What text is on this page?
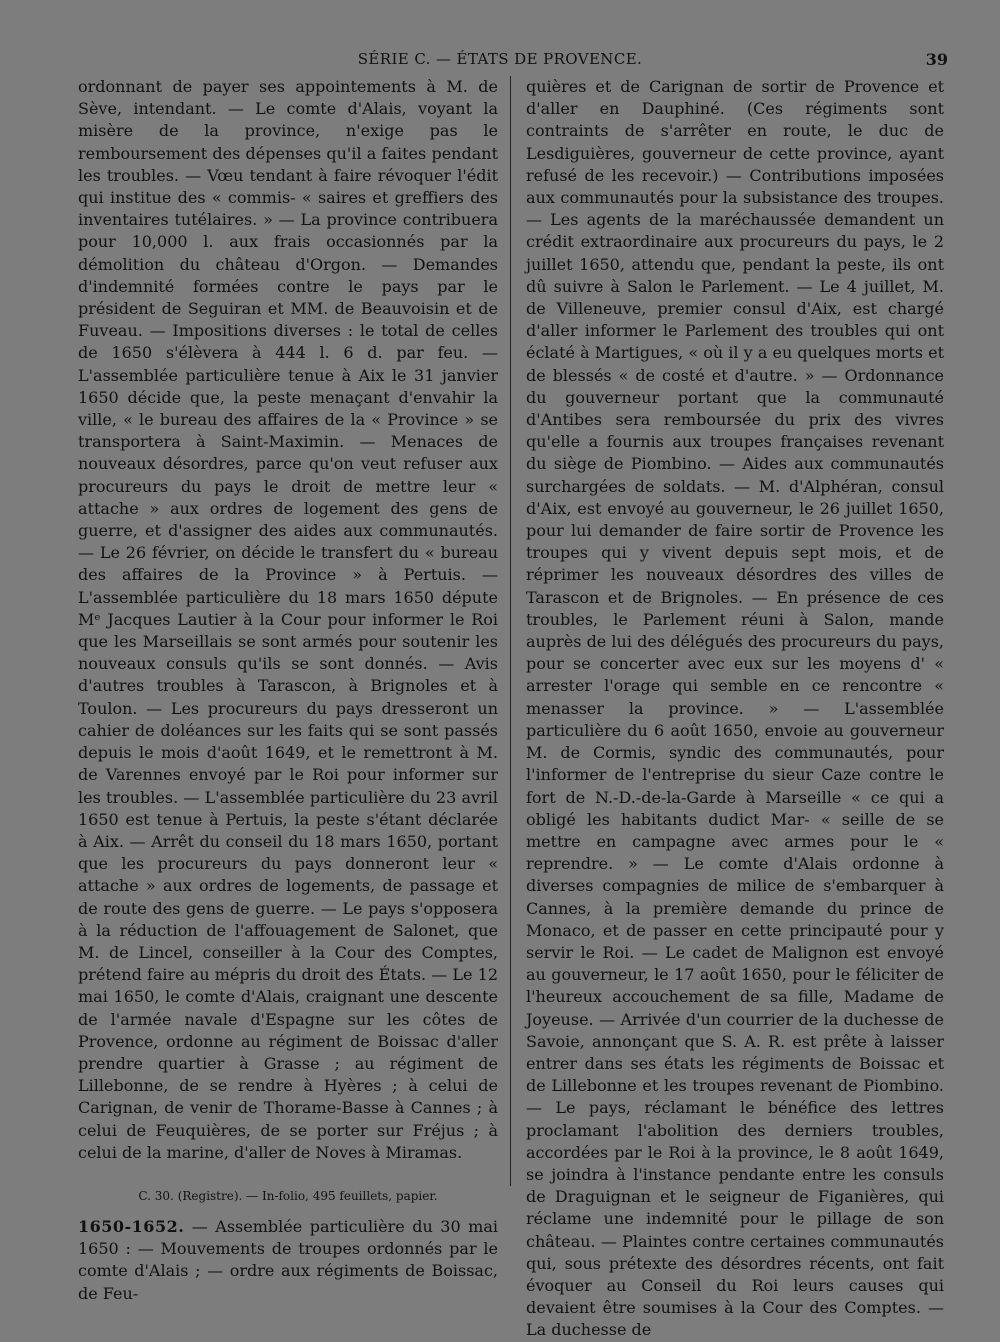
SÉRIE C. — ÉTATS DE PROVENCE.	39

ordonnant de payer ses appointements à M. de Sève, intendant. — Le comte d'Alais, voyant la misère de la province, n'exige pas le remboursement des dépenses qu'il a faites pendant les troubles. — Vœu tendant à faire révoquer l'édit qui institue des « commis- « saires et greffiers des inventaires tutélaires. » — La province contribuera pour 10,000 l. aux frais occasionnés par la démolition du château d'Orgon. — Demandes d'indemnité formées contre le pays par le président de Seguiran et MM. de Beauvoisin et de Fuveau. — Impositions diverses : le total de celles de 1650 s'élèvera à 444 l. 6 d. par feu. — L'assemblée particulière tenue à Aix le 31 janvier 1650 décide que, la peste menaçant d'envahir la ville, « le bureau des affaires de la « Province » se transportera à Saint-Maximin. — Menaces de nouveaux désordres, parce qu'on veut refuser aux procureurs du pays le droit de mettre leur « attache » aux ordres de logement des gens de guerre, et d'assigner des aides aux communautés. — Le 26 février, on décide le transfert du « bureau des affaires de la Province » à Pertuis. — L'assemblée particulière du 18 mars 1650 députe Mᵉ Jacques Lautier à la Cour pour informer le Roi que les Marseillais se sont armés pour soutenir les nouveaux consuls qu'ils se sont donnés. — Avis d'autres troubles à Tarascon, à Brignoles et à Toulon. — Les procureurs du pays dresseront un cahier de doléances sur les faits qui se sont passés depuis le mois d'août 1649, et le remettront à M. de Varennes envoyé par le Roi pour informer sur les troubles. — L'assemblée particulière du 23 avril 1650 est tenue à Pertuis, la peste s'étant déclarée à Aix. — Arrêt du conseil du 18 mars 1650, portant que les procureurs du pays donneront leur « attache » aux ordres de logements, de passage et de route des gens de guerre. — Le pays s'opposera à la réduction de l'affouagement de Salonet, que M. de Lincel, conseiller à la Cour des Comptes, prétend faire au mépris du droit des États. — Le 12 mai 1650, le comte d'Alais, craignant une descente de l'armée navale d'Espagne sur les côtes de Provence, ordonne au régiment de Boissac d'aller prendre quartier à Grasse ; au régiment de Lillebonne, de se rendre à Hyères ; à celui de Carignan, de venir de Thorame-Basse à Cannes ; à celui de Feuquières, de se porter sur Fréjus ; à celui de la marine, d'aller de Noves à Miramas.

C. 30. (Registre). — In-folio, 495 feuillets, papier.

1650-1652. — Assemblée particulière du 30 mai 1650 : — Mouvements de troupes ordonnés par le comte d'Alais ; — ordre aux régiments de Boissac, de Feu-

quières et de Carignan de sortir de Provence et d'aller en Dauphiné. (Ces régiments sont contraints de s'arrêter en route, le duc de Lesdiguières, gouverneur de cette province, ayant refusé de les recevoir.) — Contributions imposées aux communautés pour la subsistance des troupes. — Les agents de la maréchaussée demandent un crédit extraordinaire aux procureurs du pays, le 2 juillet 1650, attendu que, pendant la peste, ils ont dû suivre à Salon le Parlement. — Le 4 juillet, M. de Villeneuve, premier consul d'Aix, est chargé d'aller informer le Parlement des troubles qui ont éclaté à Martigues, « où il y a eu quelques morts et de blessés « de costé et d'autre. » — Ordonnance du gouverneur portant que la communauté d'Antibes sera remboursée du prix des vivres qu'elle a fournis aux troupes françaises revenant du siège de Piombino. — Aides aux communautés surchargées de soldats. — M. d'Alphéran, consul d'Aix, est envoyé au gouverneur, le 26 juillet 1650, pour lui demander de faire sortir de Provence les troupes qui y vivent depuis sept mois, et de réprimer les nouveaux désordres des villes de Tarascon et de Brignoles. — En présence de ces troubles, le Parlement réuni à Salon, mande auprès de lui des délégués des procureurs du pays, pour se concerter avec eux sur les moyens d' « arrester l'orage qui semble en ce rencontre « menasser la province. » — L'assemblée particulière du 6 août 1650, envoie au gouverneur M. de Cormis, syndic des communautés, pour l'informer de l'entreprise du sieur Caze contre le fort de N.-D.-de-la-Garde à Marseille « ce qui a obligé les habitants dudict Mar- « seille de se mettre en campagne avec armes pour le « reprendre. » — Le comte d'Alais ordonne à diverses compagnies de milice de s'embarquer à Cannes, à la première demande du prince de Monaco, et de passer en cette principauté pour y servir le Roi. — Le cadet de Malignon est envoyé au gouverneur, le 17 août 1650, pour le féliciter de l'heureux accouchement de sa fille, Madame de Joyeuse. — Arrivée d'un courrier de la duchesse de Savoie, annonçant que S. A. R. est prête à laisser entrer dans ses états les régiments de Boissac et de Lillebonne et les troupes revenant de Piombino. — Le pays, réclamant le bénéfice des lettres proclamant l'abolition des derniers troubles, accordées par le Roi à la province, le 8 août 1649, se joindra à l'instance pendante entre les consuls de Draguignan et le seigneur de Figanières, qui réclame une indemnité pour le pillage de son château. — Plaintes contre certaines communautés qui, sous prétexte des désordres récents, ont fait évoquer au Conseil du Roi leurs causes qui devaient être soumises à la Cour des Comptes. — La duchesse de
